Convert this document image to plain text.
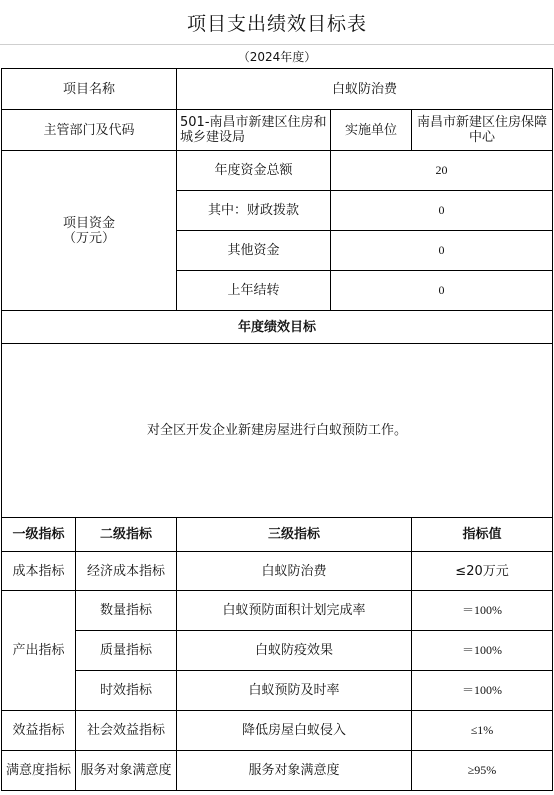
项目支出绩效目标表
（2024年度）
项目名称		白蚁防治费		
主管部门及代码		501-南昌市新建区住房和城乡建设局	实施单位	南昌市新建区住房保障中心
项目资金
（万元）		年度资金总额	20	
		其中：财政拨款	0	
		其他资金	0	
		上年结转	0	
年度绩效目标				
对全区开发企业新建房屋进行白蚁预防工作。				
一级指标	二级指标	三级指标		指标值
成本指标	经济成本指标	白蚁防治费		≤20万元
产出指标	数量指标	白蚁预防面积计划完成率		＝100%
	质量指标	白蚁防疫效果		＝100%
	时效指标	白蚁预防及时率		＝100%
效益指标	社会效益指标	降低房屋白蚁侵入		≤1%
满意度指标	服务对象满意度	服务对象满意度		≥95%
